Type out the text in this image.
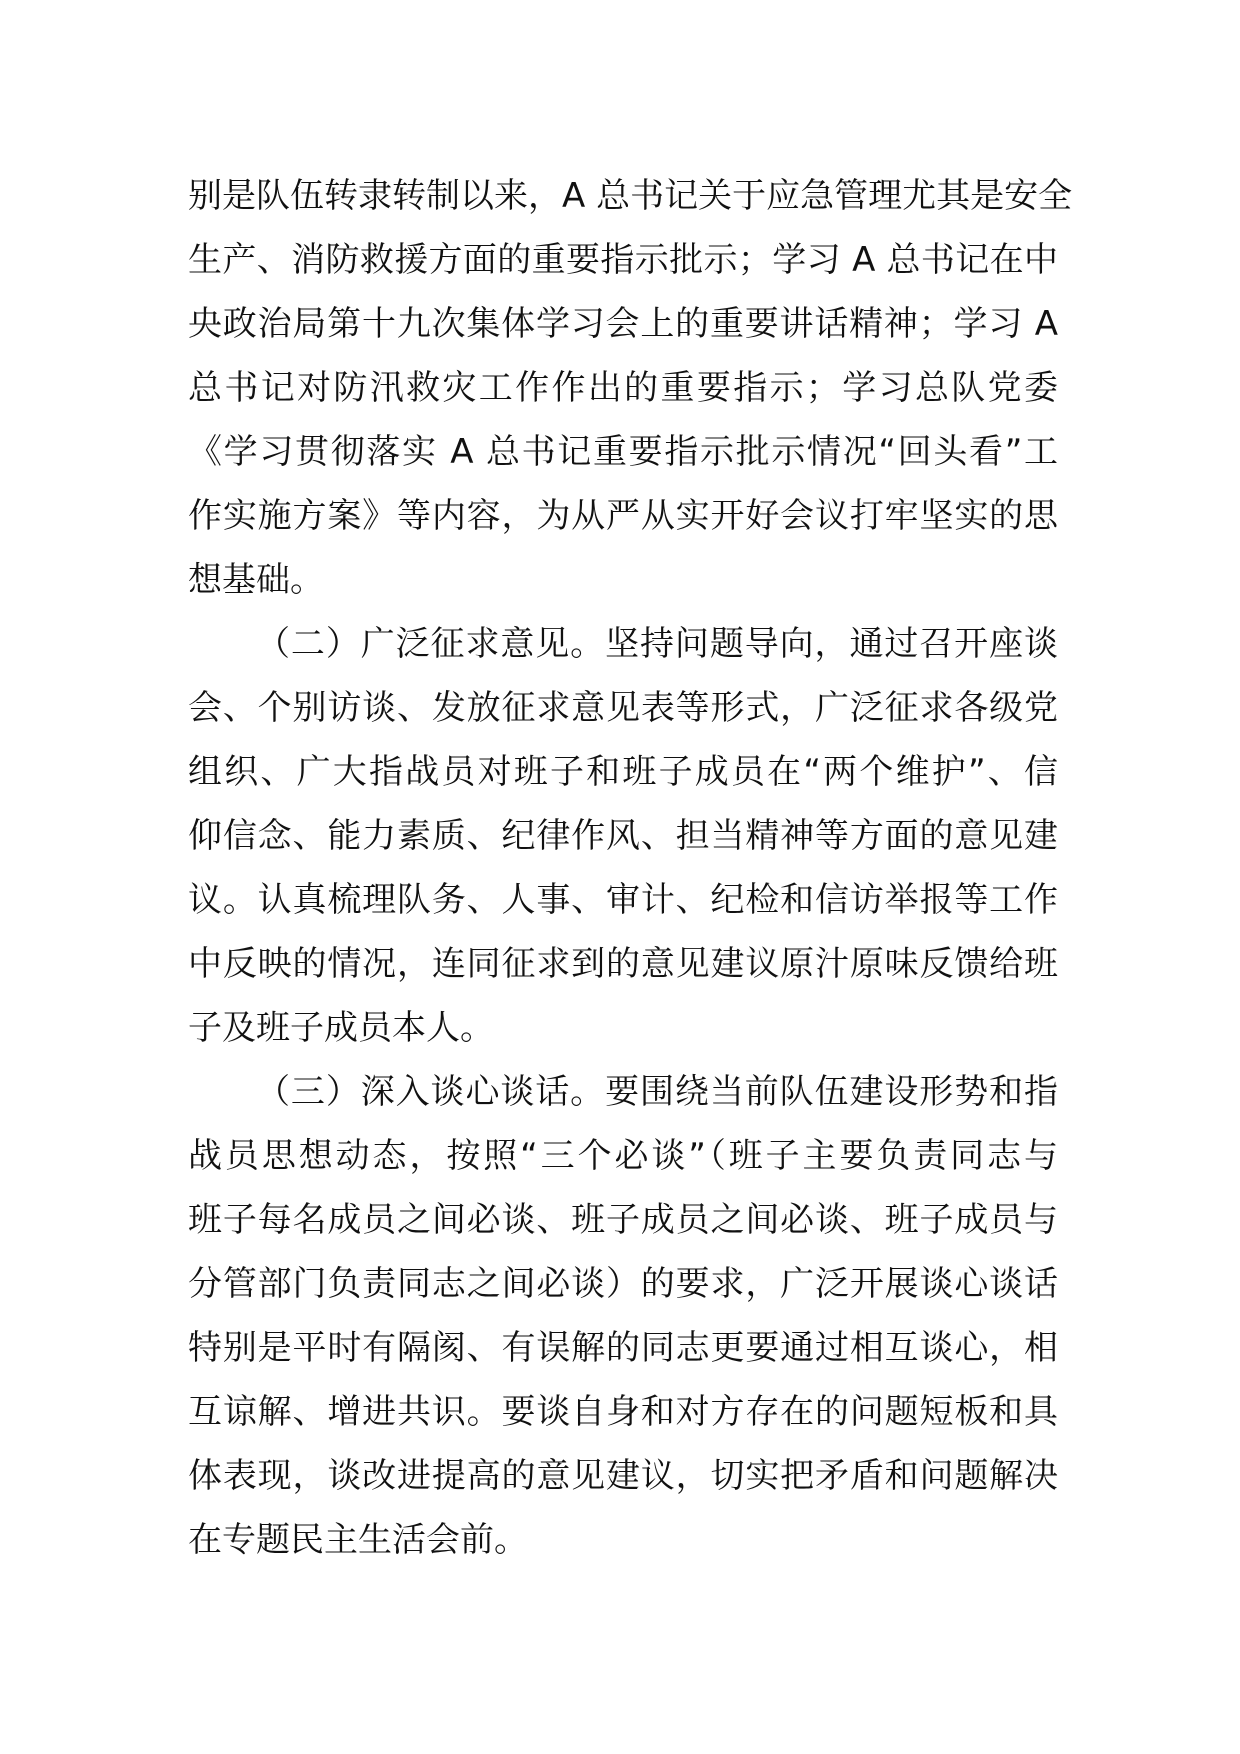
别是队伍转隶转制以来，A 总书记关于应急管理尤其是安全
生产、消防救援方面的重要指示批示；学习 A 总书记在中
央政治局第十九次集体学习会上的重要讲话精神；学习 A
总书记对防汛救灾工作作出的重要指示；学习总队党委
《学习贯彻落实 A 总书记重要指示批示情况“回头看”工
作实施方案》等内容，为从严从实开好会议打牢坚实的思
想基础。
（二）广泛征求意见。坚持问题导向，通过召开座谈
会、个别访谈、发放征求意见表等形式，广泛征求各级党
组织、广大指战员对班子和班子成员在“两个维护”、信
仰信念、能力素质、纪律作风、担当精神等方面的意见建
议。认真梳理队务、人事、审计、纪检和信访举报等工作
中反映的情况，连同征求到的意见建议原汁原味反馈给班
子及班子成员本人。
（三）深入谈心谈话。要围绕当前队伍建设形势和指
战员思想动态，按照“三个必谈”（班子主要负责同志与
班子每名成员之间必谈、班子成员之间必谈、班子成员与
分管部门负责同志之间必谈）的要求，广泛开展谈心谈话
特别是平时有隔阂、有误解的同志更要通过相互谈心，相
互谅解、增进共识。要谈自身和对方存在的问题短板和具
体表现，谈改进提高的意见建议，切实把矛盾和问题解决
在专题民主生活会前。
